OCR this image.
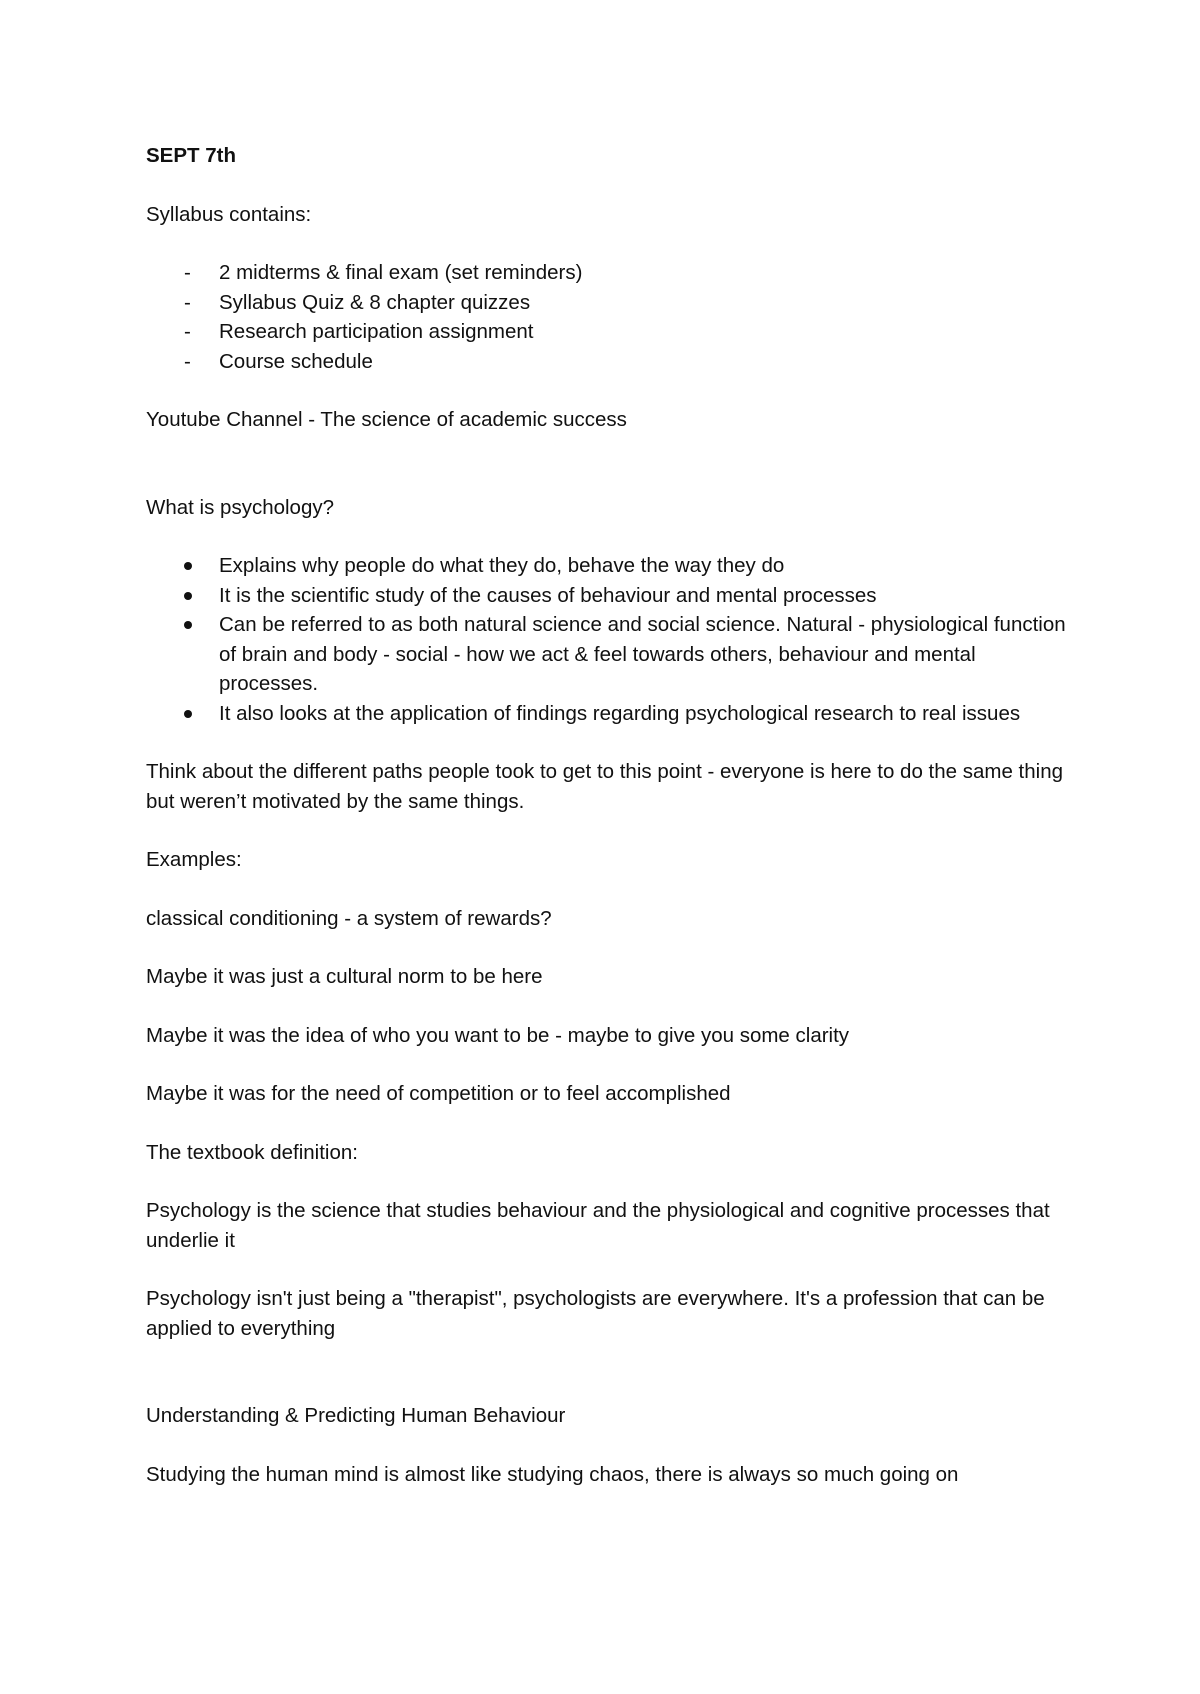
SEPT 7th

Syllabus contains:

- 2 midterms & final exam (set reminders)
- Syllabus Quiz & 8 chapter quizzes
- Research participation assignment
- Course schedule

Youtube Channel - The science of academic success

What is psychology?

Explains why people do what they do, behave the way they do
It is the scientific study of the causes of behaviour and mental processes
Can be referred to as both natural science and social science. Natural - physiological function of brain and body - social - how we act & feel towards others, behaviour and mental processes.
It also looks at the application of findings regarding psychological research to real issues

Think about the different paths people took to get to this point - everyone is here to do the same thing but weren’t motivated by the same things.

Examples:

classical conditioning - a system of rewards?

Maybe it was just a cultural norm to be here

Maybe it was the idea of who you want to be - maybe to give you some clarity

Maybe it was for the need of competition or to feel accomplished

The textbook definition:

Psychology is the science that studies behaviour and the physiological and cognitive processes that underlie it

Psychology isn't just being a "therapist", psychologists are everywhere. It's a profession that can be applied to everything

Understanding & Predicting Human Behaviour

Studying the human mind is almost like studying chaos, there is always so much going on
